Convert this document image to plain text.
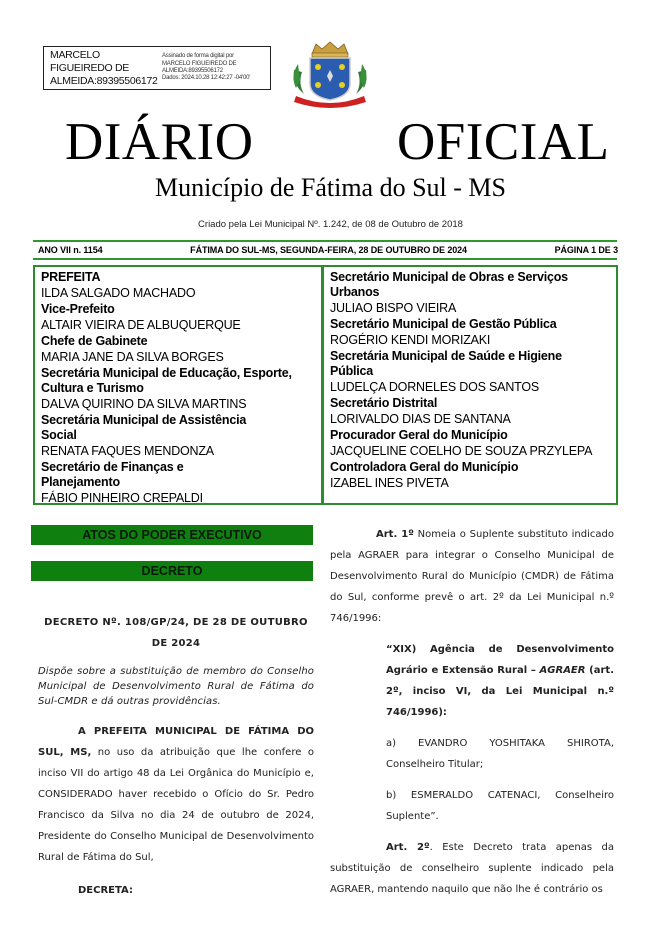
MARCELO FIGUEIREDO DE
ALMEIDA:89395506172
Assinado de forma digital por
MARCELO FIGUEIREDO DE
ALMEIDA:89395506172
Dados: 2024.10.28 12:42:27 -04'00'
DIÁRIO	OFICIAL
Município de Fátima do Sul - MS
Criado pela Lei Municipal Nº. 1.242, de 08 de Outubro de 2018
ANO VII n. 1154	FÁTIMA DO SUL-MS, SEGUNDA-FEIRA, 28 DE OUTUBRO DE 2024	PÁGINA 1 DE 3
PREFEITA
ILDA SALGADO MACHADO
Vice-Prefeito
ALTAIR VIEIRA DE ALBUQUERQUE
Chefe de Gabinete
MARIA JANE DA SILVA BORGES
Secretária Municipal de Educação, Esporte, Cultura e Turismo
DALVA QUIRINO DA SILVA MARTINS
Secretária Municipal de Assistência Social
RENATA FAQUES MENDONZA
Secretário de Finanças e Planejamento
FÁBIO PINHEIRO CREPALDI
Secretário Municipal de Obras e Serviços Urbanos
JULIAO BISPO VIEIRA
Secretário Municipal de Gestão Pública
ROGÉRIO KENDI MORIZAKI
Secretária Municipal de Saúde e Higiene Pública
LUDELÇA DORNELES DOS SANTOS
Secretário Distrital
LORIVALDO DIAS DE SANTANA
Procurador Geral do Município
JACQUELINE COELHO DE SOUZA PRZYLEPA
Controladora Geral do Município
IZABEL INES PIVETA
ATOS DO PODER EXECUTIVO
DECRETO
DECRETO Nº. 108/GP/24, DE 28 DE OUTUBRO DE 2024
Dispõe sobre a substituição de membro do Conselho Municipal de Desenvolvimento Rural de Fátima do Sul-CMDR e dá outras providências.

A PREFEITA MUNICIPAL DE FÁTIMA DO SUL, MS, no uso da atribuição que lhe confere o inciso VII do artigo 48 da Lei Orgânica do Município e, CONSIDERADO haver recebido o Ofício do Sr. Pedro Francisco da Silva no dia 24 de outubro de 2024, Presidente do Conselho Municipal de Desenvolvimento Rural de Fátima do Sul,

DECRETA:

Art. 1º Nomeia o Suplente substituto indicado pela AGRAER para integrar o Conselho Municipal de Desenvolvimento Rural do Município (CMDR) de Fátima do Sul, conforme prevê o art. 2º da Lei Municipal n.º 746/1996:

“XIX) Agência de Desenvolvimento Agrário e Extensão Rural – AGRAER (art. 2º, inciso VI, da Lei Municipal n.º 746/1996):

a) EVANDRO YOSHITAKA SHIROTA, Conselheiro Titular;

b) ESMERALDO CATENACI, Conselheiro Suplente”.

Art. 2º. Este Decreto trata apenas da substituição de conselheiro suplente indicado pela AGRAER, mantendo naquilo que não lhe é contrário os
